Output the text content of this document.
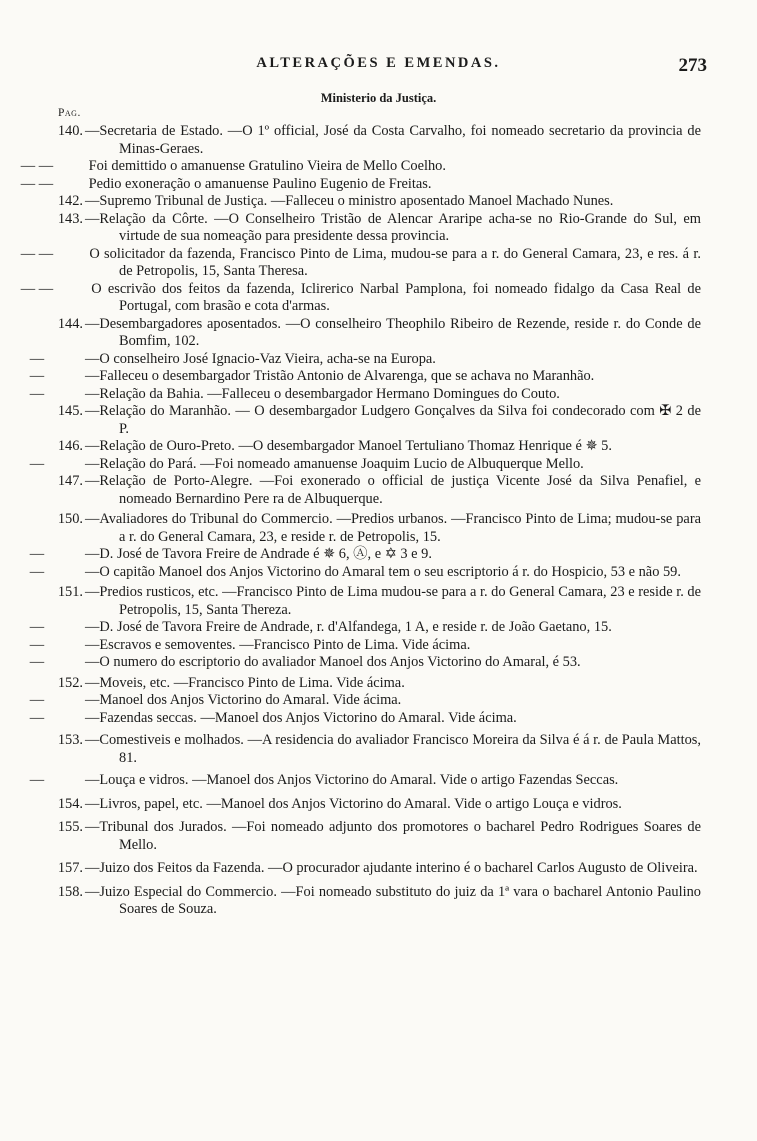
ALTERAÇÕES E EMENDAS.	273
Ministerio da Justiça.
Pag.
140. —Secretaria de Estado. —O 1º official, José da Costa Carvalho, foi nomeado secretario da provincia de Minas-Geraes.
— — Foi demittido o amanuense Gratulino Vieira de Mello Coelho.
— — Pedio exoneração o amanuense Paulino Eugenio de Freitas.
142. —Supremo Tribunal de Justiça. —Falleceu o ministro aposentado Manoel Machado Nunes.
143. —Relação da Côrte. —O Conselheiro Tristão de Alencar Araripe acha-se no Rio-Grande do Sul, em virtude de sua nomeação para presidente dessa provincia.
— —	O solicitador da fazenda, Francisco Pinto de Lima, mudou-se para a r. do General Camara, 23, e res. á r. de Petropolis, 15, Santa Theresa.
— —	O escrivão dos feitos da fazenda, Iclirerico Narbal Pamplona, foi nomeado fidalgo da Casa Real de Portugal, com brasão e cota d'armas.
144. —Desembargadores aposentados. —O conselheiro Theophilo Ribeiro de Rezende, reside r. do Conde de Bomfim, 102.
—	—O conselheiro José Ignacio-Vaz Vieira, acha-se na Europa.
—	—Falleceu o desembargador Tristão Antonio de Alvarenga, que se achava no Maranhão.
—	—Relação da Bahia. —Falleceu o desembargador Hermano Domingues do Couto.
145. —Relação do Maranhão. — O desembargador Ludgero Gonçalves da Silva foi condecorado com ✠ 2 de P.
146. —Relação de Ouro-Preto. —O desembargador Manoel Tertuliano Thomaz Henrique é ✵ 5.
—	—Relação do Pará. —Foi nomeado amanuense Joaquim Lucio de Albuquerque Mello.
147. —Relação de Porto-Alegre. —Foi exonerado o official de justiça Vicente José da Silva Penafiel, e nomeado Bernardino Pere ra de Albuquerque.
150. —Avaliadores do Tribunal do Commercio. —Predios urbanos. —Francisco Pinto de Lima; mudou-se para a r. do General Camara, 23, e reside r. de Petropolis, 15.
—	—D. José de Tavora Freire de Andrade é ✵ 6, Ⓐ, e ✡ 3 e 9.
—	—O capitão Manoel dos Anjos Victorino do Amaral tem o seu escriptorio á r. do Hospicio, 53 e não 59.
151. —Predios rusticos, etc. —Francisco Pinto de Lima mudou-se para a r. do General Camara, 23 e reside r. de Petropolis, 15, Santa Thereza.
—	—D. José de Tavora Freire de Andrade, r. d'Alfandega, 1 A, e reside r. de João Gaetano, 15.
—	—Escravos e semoventes. —Francisco Pinto de Lima. Vide ácima.
—	—O numero do escriptorio do avaliador Manoel dos Anjos Victorino do Amaral, é 53.
152. —Moveis, etc. —Francisco Pinto de Lima. Vide ácima.
—	—Manoel dos Anjos Victorino do Amaral. Vide ácima.
—	—Fazendas seccas. —Manoel dos Anjos Victorino do Amaral. Vide ácima.
153. —Comestiveis e molhados. —A residencia do avaliador Francisco Moreira da Silva é á r. de Paula Mattos, 81.
—	—Louça e vidros. —Manoel dos Anjos Victorino do Amaral. Vide o artigo Fazendas Seccas.
154. —Livros, papel, etc. —Manoel dos Anjos Victorino do Amaral. Vide o artigo Louça e vidros.
155. —Tribunal dos Jurados. —Foi nomeado adjunto dos promotores o bacharel Pedro Rodrigues Soares de Mello.
157. —Juizo dos Feitos da Fazenda. —O procurador ajudante interino é o bacharel Carlos Augusto de Oliveira.
158. —Juizo Especial do Commercio. —Foi nomeado substituto do juiz da 1ª vara o bacharel Antonio Paulino Soares de Souza.
